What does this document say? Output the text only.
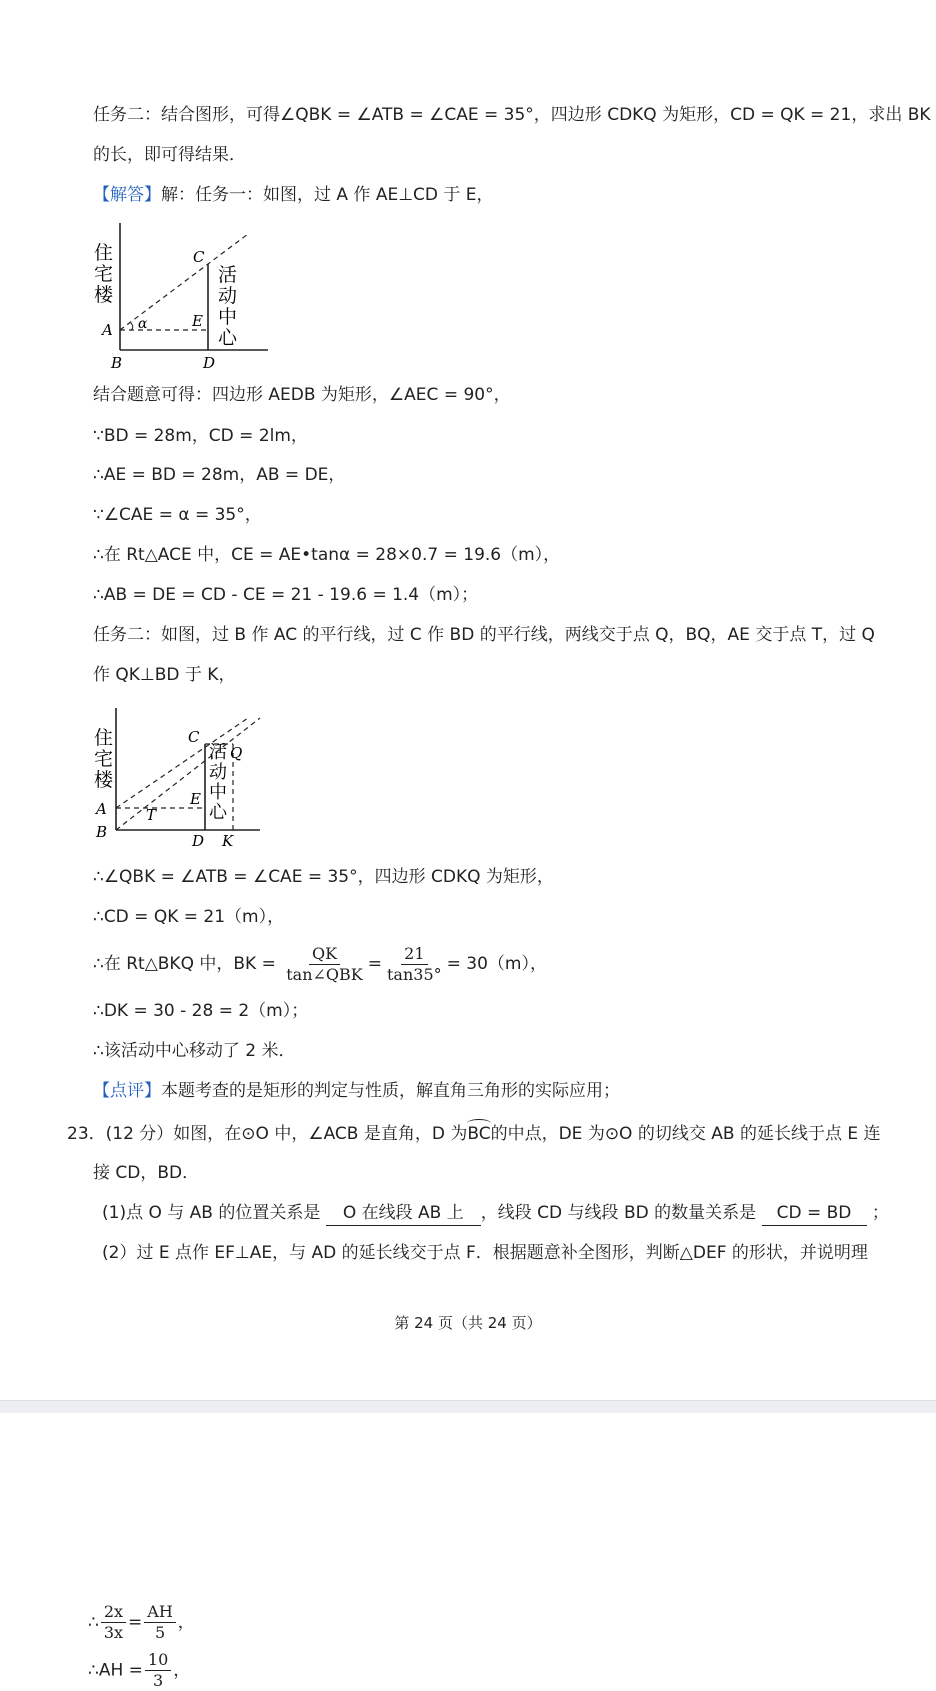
任务二：结合图形，可得∠QBK = ∠ATB = ∠CAE = 35°，四边形 CDKQ 为矩形，CD = QK = 21，求出 BK
的长，即可得结果．
【解答】解：任务一：如图，过 A 作 AE⊥CD 于 E，
住
宅
楼
活
动
中
心
A
B
C
D
E
α
结合题意可得：四边形 AEDB 为矩形，∠AEC = 90°，
∵BD = 28m，CD = 2lm，
∴AE = BD = 28m，AB = DE，
∵∠CAE = α = 35°，
∴在 Rt△ACE 中，CE = AE•tanα = 28×0.7 = 19.6（m），
∴AB = DE = CD - CE = 21 - 19.6 = 1.4（m）；
任务二：如图，过 B 作 AC 的平行线，过 C 作 BD 的平行线，两线交于点 Q，BQ，AE 交于点 T，过 Q
作 QK⊥BD 于 K，
住
宅
楼
活
动
中
心
A
B
C
D
E
T
Q
K
∴∠QBK = ∠ATB = ∠CAE = 35°，四边形 CDKQ 为矩形，
∴CD = QK = 21（m），
∴在 Rt△BKQ 中，BK = $\frac{QK}{\text{tan∠QBK}} = \frac{21}{\tan 35^\circ} = 30(m)$，
∴DK = 30 - 28 = 2（m）；
∴该活动中心移动了 2 米．
【点评】本题考查的是矩形的判定与性质，解直角三角形的实际应用；
23．(12 分）如图，在⊙O 中，∠ACB 是直角，D 为BC的中点，DE 为⊙O 的切线交 AB 的延长线于点 E 连
接 CD，BD．
(1)点 O 与 AB 的位置关系是 O 在线段 AB 上 ，线段 CD 与线段 BD 的数量关系是 CD = BD ；
(2）过 E 点作 EF⊥AE，与 AD 的延长线交于点 F．根据题意补全图形，判断△DEF 的形状，并说明理
第 24 页（共 24 页）
∴ $\frac{2x}{3x} = \frac{AH}{5}$ ，
∴AH = $\frac{10}{3}$ ，
